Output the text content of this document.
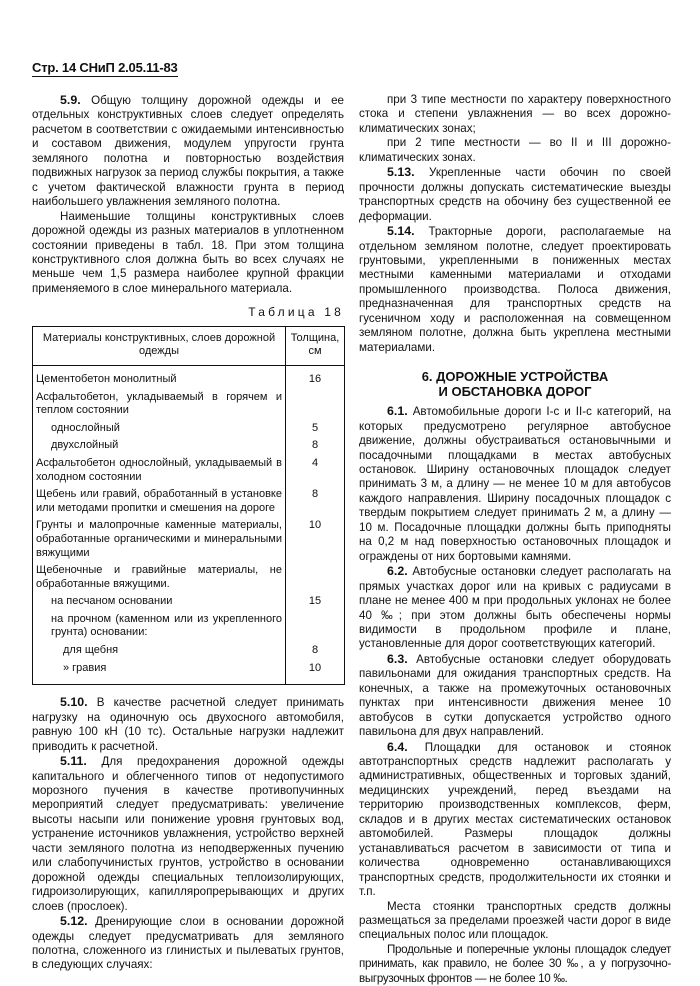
Стр. 14 СНиП 2.05.11-83

5.9. Общую толщину дорожной одежды и ее отдельных конструктивных слоев следует определять расчетом в соответствии с ожидаемыми интенсивностью и составом движения, модулем упругости грунта земляного полотна и повторностью воздействия подвижных нагрузок за период службы покрытия, а также с учетом фактической влажности грунта в период наибольшего увлажнения земляного полотна.

Наименьшие толщины конструктивных слоев дорожной одежды из разных материалов в уплотненном состоянии приведены в табл. 18. При этом толщина конструктивного слоя должна быть во всех случаях не меньше чем 1,5 размера наиболее крупной фракции применяемого в слое минерального материала.

Таблица 18
Материалы конструктивных, слоев дорожной одежды	Толщина, см
Цементобетон монолитный	16
Асфальтобетон, укладываемый в горячем и теплом состоянии	
однослойный	5
двухслойный	8
Асфальтобетон однослойный, укладываемый в холодном состоянии	4
Щебень или гравий, обработанный в установке или методами пропитки и смешения на дороге	8
Грунты и малопрочные каменные материалы, обработанные органическими и минеральными вяжущими	10
Щебеночные и гравийные материалы, не обработанные вяжущими.	
на песчаном основании	15
на прочном (каменном или из укрепленного грунта) основании:	
для щебня	8
» гравия	10

5.10. В качестве расчетной следует принимать нагрузку на одиночную ось двухосного автомобиля, равную 100 кН (10 тс). Остальные нагрузки надлежит приводить к расчетной.

5.11. Для предохранения дорожной одежды капитального и облегченного типов от недопустимого морозного пучения в качестве противопучинных мероприятий следует предусматривать: увеличение высоты насыпи или понижение уровня грунтовых вод, устранение источников увлажнения, устройство верхней части земляного полотна из неподверженных пучению или слабопучинистых грунтов, устройство в основании дорожной одежды специальных теплоизолирующих, гидроизолирующих, капилляропрерывающих и других слоев (прослоек).

5.12. Дренирующие слои в основании дорожной одежды следует предусматривать для земляного полотна, сложенного из глинистых и пылеватых грунтов, в следующих случаях:

при 3 типе местности по характеру поверхностного стока и степени увлажнения — во всех дорожно-климатических зонах;

при 2 типе местности — во II и III дорожно-климатических зонах.

5.13. Укрепленные части обочин по своей прочности должны допускать систематические выезды транспортных средств на обочину без существенной ее деформации.

5.14. Тракторные дороги, располагаемые на отдельном земляном полотне, следует проектировать грунтовыми, укрепленными в пониженных местах местными каменными материалами и отходами промышленного производства. Полоса движения, предназначенная для транспортных средств на гусеничном ходу и расположенная на совмещенном земляном полотне, должна быть укреплена местными материалами.

6. ДОРОЖНЫЕ УСТРОЙСТВА
И ОБСТАНОВКА ДОРОГ

6.1. Автомобильные дороги I-с и II-с категорий, на которых предусмотрено регулярное автобусное движение, должны обустраиваться остановычными и посадочными площадками в местах автобусных остановок. Ширину остановочных площадок следует принимать 3 м, а длину — не менее 10 м для автобусов каждого направления. Ширину посадочных площадок с твердым покрытием следует принимать 2 м, а длину — 10 м. Посадочные площадки должны быть приподняты на 0,2 м над поверхностью остановочных площадок и ограждены от них бортовыми камнями.

6.2. Автобусные остановки следует располагать на прямых участках дорог или на кривых с радиусами в плане не менее 400 м при продольных уклонах не более 40 ‰; при этом должны быть обеспечены нормы видимости в продольном профиле и плане, установленные для дорог соответствующих категорий.

6.3. Автобусные остановки следует оборудовать павильонами для ожидания транспортных средств. На конечных, а также на промежуточных остановочных пунктах при интенсивности движения менее 10 автобусов в сутки допускается устройство одного павильона для двух направлений.

6.4. Площадки для остановок и стоянок автотранспортных средств надлежит располагать у административных, общественных и торговых зданий, медицинских учреждений, перед въездами на территорию производственных комплексов, ферм, складов и в других местах систематических остановок автомобилей. Размеры площадок должны устанавливаться расчетом в зависимости от типа и количества одновременно останавливающихся транспортных средств, продолжительности их стоянки и т.п.

Места стоянки транспортных средств должны размещаться за пределами проезжей части дорог в виде специальных полос или площадок.

Продольные и поперечные уклоны площадок следует принимать, как правило, не более 30 ‰, а у погрузочно-выгрузочных фронтов — не более 10 ‰.
